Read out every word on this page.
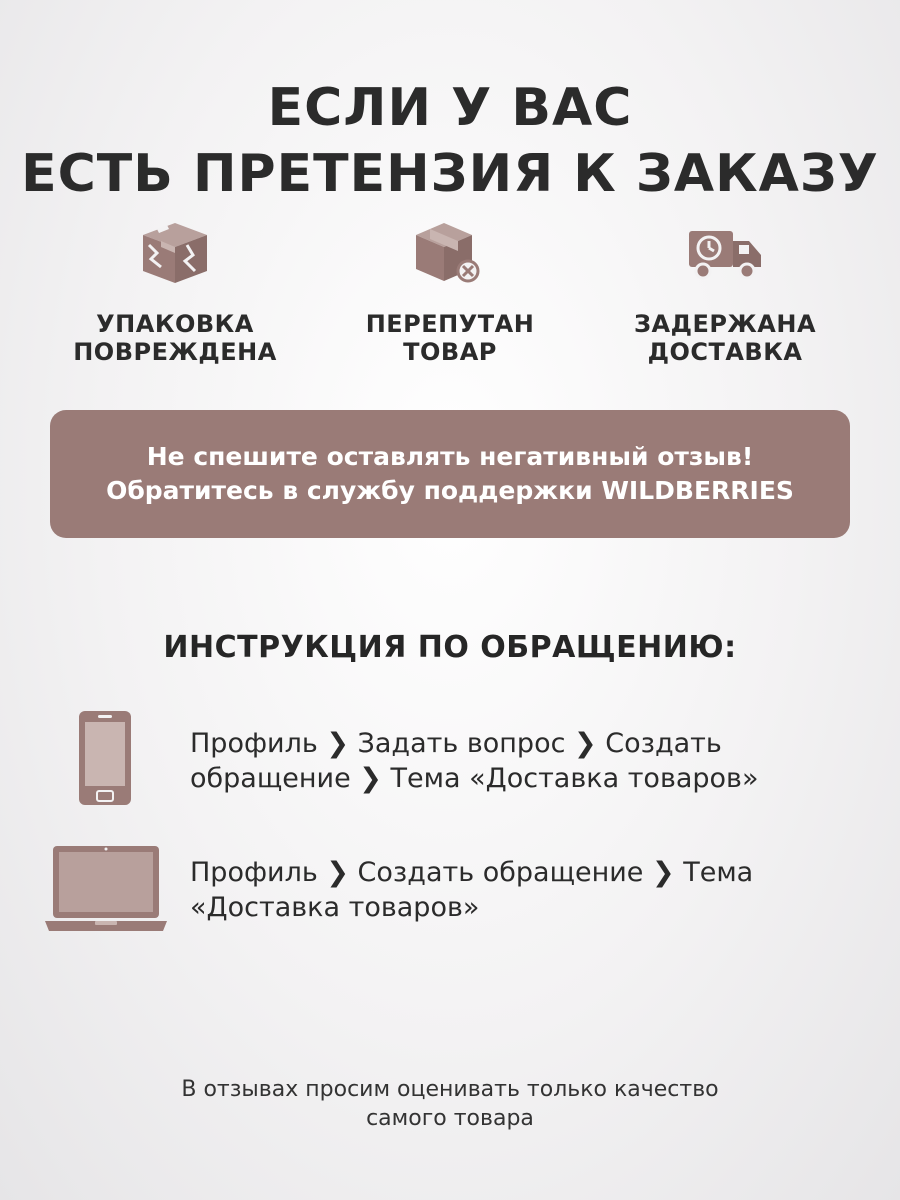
ЕСЛИ У ВАС
ЕСТЬ ПРЕТЕНЗИЯ К ЗАКАЗУ
УПАКОВКА
ПОВРЕЖДЕНА
ПЕРЕПУТАН
ТОВАР
ЗАДЕРЖАНА
ДОСТАВКА
Не спешите оставлять негативный отзыв!
Обратитесь в службу поддержки WILDBERRIES
ИНСТРУКЦИЯ ПО ОБРАЩЕНИЮ:
Профиль ❯ Задать вопрос ❯ Создать
обращение ❯ Тема «Доставка товаров»
Профиль ❯ Создать обращение ❯ Тема
«Доставка товаров»
В отзывах просим оценивать только качество
самого товара
